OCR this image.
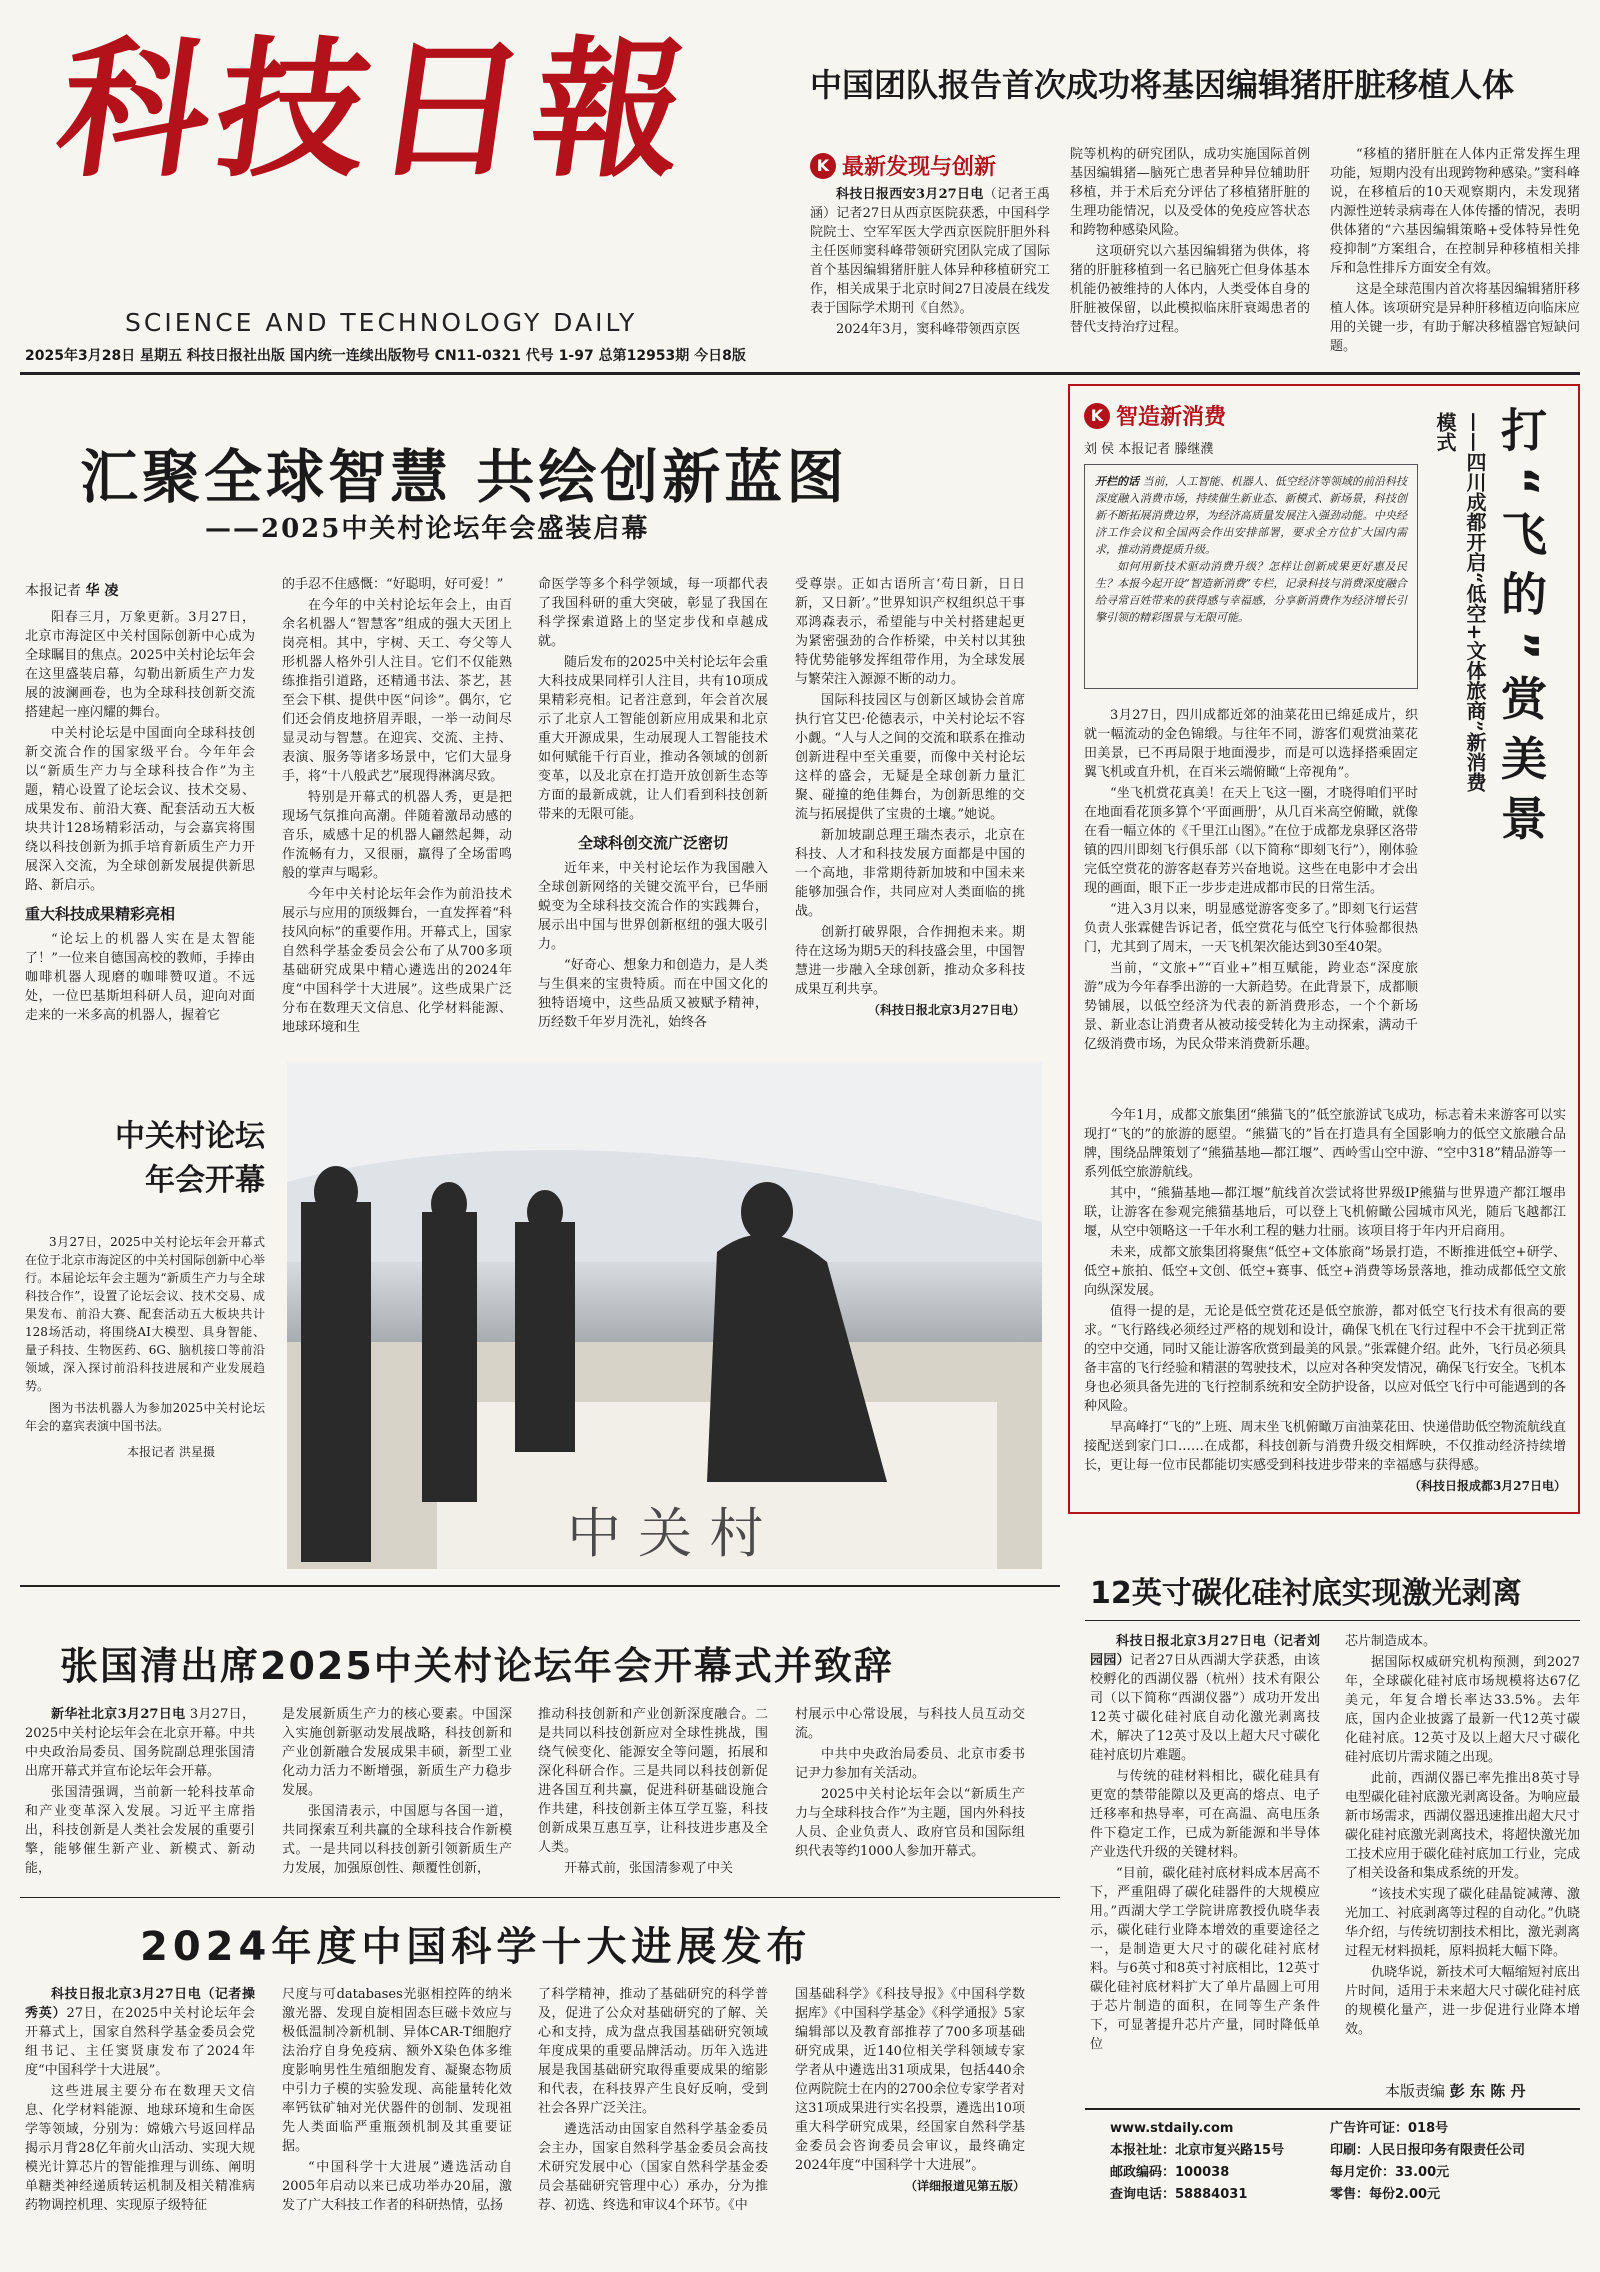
科技日報
SCIENCE AND TECHNOLOGY DAILY
2025年3月28日 星期五 科技日报社出版 国内统一连续出版物号 CN11-0321 代号 1-97 总第12953期 今日8版
中国团队报告首次成功将基因编辑猪肝脏移植人体
K 最新发现与创新

科技日报西安3月27日电（记者王禹涵）记者27日从西京医院获悉，中国科学院院士、空军军医大学西京医院肝胆外科主任医师窦科峰带领研究团队完成了国际首个基因编辑猪肝脏人体异种移植研究工作，相关成果于北京时间27日凌晨在线发表于国际学术期刊《自然》。

2024年3月，窦科峰带领西京医

院等机构的研究团队，成功实施国际首例基因编辑猪—脑死亡患者异种异位辅助肝移植，并于术后充分评估了移植猪肝脏的生理功能情况，以及受体的免疫应答状态和跨物种感染风险。

这项研究以六基因编辑猪为供体，将猪的肝脏移植到一名已脑死亡但身体基本机能仍被维持的人体内，人类受体自身的肝脏被保留，以此模拟临床肝衰竭患者的替代支持治疗过程。

“移植的猪肝脏在人体内正常发挥生理功能，短期内没有出现跨物种感染。”窦科峰说，在移植后的10天观察期内，未发现猪内源性逆转录病毒在人体传播的情况，表明供体猪的“六基因编辑策略+受体特异性免疫抑制”方案组合，在控制异种移植相关排斥和急性排斥方面安全有效。

这是全球范围内首次将基因编辑猪肝移植人体。该项研究是异种肝移植迈向临床应用的关键一步，有助于解决移植器官短缺问题。

汇聚全球智慧 共绘创新蓝图
——2025中关村论坛年会盛装启幕
本报记者 华 凌

阳春三月，万象更新。3月27日，北京市海淀区中关村国际创新中心成为全球瞩目的焦点。2025中关村论坛年会在这里盛装启幕，勾勒出新质生产力发展的波澜画卷，也为全球科技创新交流搭建起一座闪耀的舞台。

中关村论坛是中国面向全球科技创新交流合作的国家级平台。今年年会以“新质生产力与全球科技合作”为主题，精心设置了论坛会议、技术交易、成果发布、前沿大赛、配套活动五大板块共计128场精彩活动，与会嘉宾将围绕以科技创新为抓手培育新质生产力开展深入交流，为全球创新发展提供新思路、新启示。

重大科技成果精彩亮相

“论坛上的机器人实在是太智能了！”一位来自德国高校的教师，手捧由咖啡机器人现磨的咖啡赞叹道。不远处，一位巴基斯坦科研人员，迎向对面走来的一米多高的机器人，握着它

的手忍不住感慨：“好聪明，好可爱！”

在今年的中关村论坛年会上，由百余名机器人“智慧客”组成的强大天团上岗亮相。其中，宇树、天工、夸父等人形机器人格外引人注目。它们不仅能熟练推指引道路，还精通书法、茶艺，甚至会下棋、提供中医“问诊”。偶尔，它们还会俏皮地挤眉弄眼，一举一动间尽显灵动与智慧。在迎宾、交流、主持、表演、服务等诸多场景中，它们大显身手，将“十八般武艺”展现得淋漓尽致。

特别是开幕式的机器人秀，更是把现场气氛推向高潮。伴随着激昂动感的音乐，威感十足的机器人翩然起舞，动作流畅有力，又很丽，羸得了全场雷鸣般的掌声与喝彩。

今年中关村论坛年会作为前沿技术展示与应用的顶级舞台，一直发挥着“科技风向标”的重要作用。开幕式上，国家自然科学基金委员会公布了从700多项基础研究成果中精心遴选出的2024年度“中国科学十大进展”。这些成果广泛分布在数理天文信息、化学材料能源、地球环境和生

命医学等多个科学领域，每一项都代表了我国科研的重大突破，彰显了我国在科学探索道路上的坚定步伐和卓越成就。

随后发布的2025中关村论坛年会重大科技成果同样引人注目，共有10项成果精彩亮相。记者注意到，年会首次展示了北京人工智能创新应用成果和北京重大开源成果，生动展现人工智能技术如何赋能千行百业，推动各领域的创新变革，以及北京在打造开放创新生态等方面的最新成就，让人们看到科技创新带来的无限可能。

全球科创交流广泛密切

近年来，中关村论坛作为我国融入全球创新网络的关键交流平台，已华丽蜕变为全球科技交流合作的实践舞台，展示出中国与世界创新枢纽的强大吸引力。

“好奇心、想象力和创造力，是人类与生俱来的宝贵特质。而在中国文化的独特语境中，这些品质又被赋予精神，历经数千年岁月洗礼，始终各

受尊崇。正如古语所言‘苟日新，日日新，又日新’。”世界知识产权组织总干事邓鸿森表示，希望能与中关村搭建起更为紧密强劲的合作桥梁，中关村以其独特优势能够发挥组带作用，为全球发展与繁荣注入源源不断的动力。

国际科技园区与创新区域协会首席执行官艾巴·伦德表示，中关村论坛不容小觑。“人与人之间的交流和联系在推动创新进程中至关重要，而像中关村论坛这样的盛会，无疑是全球创新力量汇聚、碰撞的绝佳舞台，为创新思维的交流与拓展提供了宝贵的土壤。”她说。

新加坡副总理王瑞杰表示，北京在科技、人才和科技发展方面都是中国的一个高地，非常期待新加坡和中国未来能够加强合作，共同应对人类面临的挑战。

创新打破界限，合作拥抱未来。期待在这场为期5天的科技盛会里，中国智慧进一步融入全球创新，推动众多科技成果互利共享。

（科技日报北京3月27日电）

中关村论坛
年会开幕

3月27日，2025中关村论坛年会开幕式在位于北京市海淀区的中关村国际创新中心举行。本届论坛年会主题为“新质生产力与全球科技合作”，设置了论坛会议、技术交易、成果发布、前沿大赛、配套活动五大板块共计128场活动，将围绕AI大模型、具身智能、量子科技、生物医药、6G、脑机接口等前沿领域，深入探讨前沿科技进展和产业发展趋势。

图为书法机器人为参加2025中关村论坛年会的嘉宾表演中国书法。

本报记者 洪星摄

中 关 村
K 智造新消费
刘 侯 本报记者 滕继濮

开栏的话 当前，人工智能、机器人、低空经济等领域的前沿科技深度融入消费市场，持续催生新业态、新模式、新场景，科技创新不断拓展消费边界，为经济高质量发展注入强劲动能。中央经济工作会议和全国两会作出安排部署，要求全方位扩大国内需求，推动消费提质升级。

如何用新技术驱动消费升级？怎样让创新成果更好惠及民生？本报今起开设“智造新消费”专栏，记录科技与消费深度融合给寻常百姓带来的获得感与幸福感，分享新消费作为经济增长引擎引领的精彩图景与无限可能。	打“飞的”赏美景
——四川成都开启“低空+文体旅商”新消费模式

3月27日，四川成都近郊的油菜花田已绵延成片，织就一幅流动的金色锦缎。与往年不同，游客们观赏油菜花田美景，已不再局限于地面漫步，而是可以选择搭乘固定翼飞机或直升机，在百米云端俯瞰“上帝视角”。

“坐飞机赏花真美！在天上飞这一圈，才晓得咱们平时在地面看花顶多算个‘平面画册’，从几百米高空俯瞰，就像在看一幅立体的《千里江山图》。”在位于成都龙泉驿区洛带镇的四川即刻飞行俱乐部（以下简称“即刻飞行”），刚体验完低空赏花的游客赵春芳兴奋地说。这些在电影中才会出现的画面，眼下正一步步走进成都市民的日常生活。

“进入3月以来，明显感觉游客变多了。”即刻飞行运营负责人张霖健告诉记者，低空赏花与低空飞行体验都很热门，尤其到了周末，一天飞机架次能达到30至40架。

当前，“文旅+”“百业+”相互赋能，跨业态“深度旅游”成为今年春季出游的一大新趋势。在此背景下，成都顺势铺展，以低空经济为代表的新消费形态，一个个新场景、新业态让消费者从被动接受转化为主动探索，满动千亿级消费市场，为民众带来消费新乐趣。

今年1月，成都文旅集团“熊猫飞的”低空旅游试飞成功，标志着未来游客可以实现打“飞的”的旅游的愿望。“熊猫飞的”旨在打造具有全国影响力的低空文旅融合品牌，围绕品牌策划了“熊猫基地—都江堰”、西岭雪山空中游、“空中318”精品游等一系列低空旅游航线。

其中，“熊猫基地—都江堰”航线首次尝试将世界级IP熊猫与世界遗产都江堰串联，让游客在参观完熊猫基地后，可以登上飞机俯瞰公园城市风光，随后飞越都江堰，从空中领略这一千年水利工程的魅力壮丽。该项目将于年内开启商用。

未来，成都文旅集团将聚焦“低空+文体旅商”场景打造，不断推进低空+研学、低空+旅拍、低空+文创、低空+赛事、低空+消费等场景落地，推动成都低空文旅向纵深发展。

值得一提的是，无论是低空赏花还是低空旅游，都对低空飞行技术有很高的要求。“飞行路线必须经过严格的规划和设计，确保飞机在飞行过程中不会干扰到正常的空中交通，同时又能让游客欣赏到最美的风景。”张霖健介绍。此外，飞行员必须具备丰富的飞行经验和精湛的驾驶技术，以应对各种突发情况，确保飞行安全。飞机本身也必须具备先进的飞行控制系统和安全防护设备，以应对低空飞行中可能遇到的各种风险。

早高峰打“飞的”上班、周末坐飞机俯瞰万亩油菜花田、快递借助低空物流航线直接配送到家门口……在成都，科技创新与消费升级交相辉映，不仅推动经济持续增长，更让每一位市民都能切实感受到科技进步带来的幸福感与获得感。

（科技日报成都3月27日电）

张国清出席2025中关村论坛年会开幕式并致辞

新华社北京3月27日电 3月27日，2025中关村论坛年会在北京开幕。中共中央政治局委员、国务院副总理张国清出席开幕式并宣布论坛年会开幕。

张国清强调，当前新一轮科技革命和产业变革深入发展。习近平主席指出，科技创新是人类社会发展的重要引擎，能够催生新产业、新模式、新动能，

是发展新质生产力的核心要素。中国深入实施创新驱动发展战略，科技创新和产业创新融合发展成果丰硕，新型工业化动力活力不断增强，新质生产力稳步发展。

张国清表示，中国愿与各国一道，共同探索互利共赢的全球科技合作新模式。一是共同以科技创新引领新质生产力发展，加强原创性、颠覆性创新，

推动科技创新和产业创新深度融合。二是共同以科技创新应对全球性挑战，围绕气候变化、能源安全等问题，拓展和深化科研合作。三是共同以科技创新促进各国互利共赢，促进科研基础设施合作共建，科技创新主体互学互鉴，科技创新成果互惠互享，让科技进步惠及全人类。

开幕式前，张国清参观了中关

村展示中心常设展，与科技人员互动交流。

中共中央政治局委员、北京市委书记尹力参加有关活动。

2025中关村论坛年会以“新质生产力与全球科技合作”为主题，国内外科技人员、企业负责人、政府官员和国际组织代表等约1000人参加开幕式。

2024年度中国科学十大进展发布

科技日报北京3月27日电（记者操秀英）27日，在2025中关村论坛年会开幕式上，国家自然科学基金委员会党组书记、主任窦贤康发布了2024年度“中国科学十大进展”。

这些进展主要分布在数理天文信息、化学材料能源、地球环境和生命医学等领域，分别为：嫦娥六号返回样品揭示月背28亿年前火山活动、实现大规模光计算芯片的智能推理与训练、阐明单糖类神经递质转运机制及相关精准病药物调控机理、实现原子级特征

尺度与可databases光驱相控阵的纳米激光器、发现自旋相固态巨磁卡效应与极低温制冷新机制、异体CAR-T细胞疗法治疗自身免疫病、额外X染色体多维度影响男性生殖细胞发育、凝聚态物质中引力子模的实验发现、高能量转化效率钙钛矿轴对光伏器件的创制、发现祖先人类面临严重瓶颈机制及其重要证据。

“中国科学十大进展”遴选活动自2005年启动以来已成功举办20届，激发了广大科技工作者的科研热情，弘扬

了科学精神，推动了基础研究的科学普及，促进了公众对基础研究的了解、关心和支持，成为盘点我国基础研究领域年度成果的重要品牌活动。历年入选进展是我国基础研究取得重要成果的缩影和代表，在科技界产生良好反响，受到社会各界广泛关注。

遴选活动由国家自然科学基金委员会主办，国家自然科学基金委员会高技术研究发展中心（国家自然科学基金委员会基础研究管理中心）承办，分为推荐、初选、终选和审议4个环节。《中

国基础科学》《科技导报》《中国科学数据库》《中国科学基金》《科学通报》5家编辑部以及教育部推荐了700多项基础研究成果，近140位相关学科领域专家学者从中遴选出31项成果，包括440余位两院院士在内的2700余位专家学者对这31项成果进行实名投票，遴选出10项重大科学研究成果，经国家自然科学基金委员会咨询委员会审议，最终确定2024年度“中国科学十大进展”。

（详细报道见第五版）

12英寸碳化硅衬底实现激光剥离

科技日报北京3月27日电（记者刘园园）记者27日从西湖大学获悉，由该校孵化的西湖仪器（杭州）技术有限公司（以下简称“西湖仪器”）成功开发出12英寸碳化硅衬底自动化激光剥离技术，解决了12英寸及以上超大尺寸碳化硅衬底切片难题。

与传统的硅材料相比，碳化硅具有更宽的禁带能隙以及更高的熔点、电子迁移率和热导率，可在高温、高电压条件下稳定工作，已成为新能源和半导体产业迭代升级的关键材料。

“目前，碳化硅衬底材料成本居高不下，严重阻碍了碳化硅器件的大规模应用。”西湖大学工学院讲席教授仇晓华表示，碳化硅行业降本增效的重要途径之一，是制造更大尺寸的碳化硅衬底材料。与6英寸和8英寸衬底相比，12英寸碳化硅衬底材料扩大了单片晶圆上可用于芯片制造的面积，在同等生产条件下，可显著提升芯片产量，同时降低单位

芯片制造成本。

据国际权威研究机构预测，到2027年，全球碳化硅衬底市场规模将达67亿美元，年复合增长率达33.5%。去年底，国内企业披露了最新一代12英寸碳化硅衬底。12英寸及以上超大尺寸碳化硅衬底切片需求随之出现。

此前，西湖仪器已率先推出8英寸导电型碳化硅衬底激光剥离设备。为响应最新市场需求，西湖仪器迅速推出超大尺寸碳化硅衬底激光剥离技术，将超快激光加工技术应用于碳化硅衬底加工行业，完成了相关设备和集成系统的开发。

“该技术实现了碳化硅晶锭减薄、激光加工、衬底剥离等过程的自动化。”仇晓华介绍，与传统切割技术相比，激光剥离过程无材料损耗，原料损耗大幅下降。

仇晓华说，新技术可大幅缩短衬底出片时间，适用于未来超大尺寸碳化硅衬底的规模化量产，进一步促进行业降本增效。

本版责编 彭 东 陈 丹
www.stdaily.com
本报社址：北京市复兴路15号
邮政编码：100038
查询电话：58884031
广告许可证：018号
印刷：人民日报印务有限责任公司
每月定价：33.00元
零售：每份2.00元
